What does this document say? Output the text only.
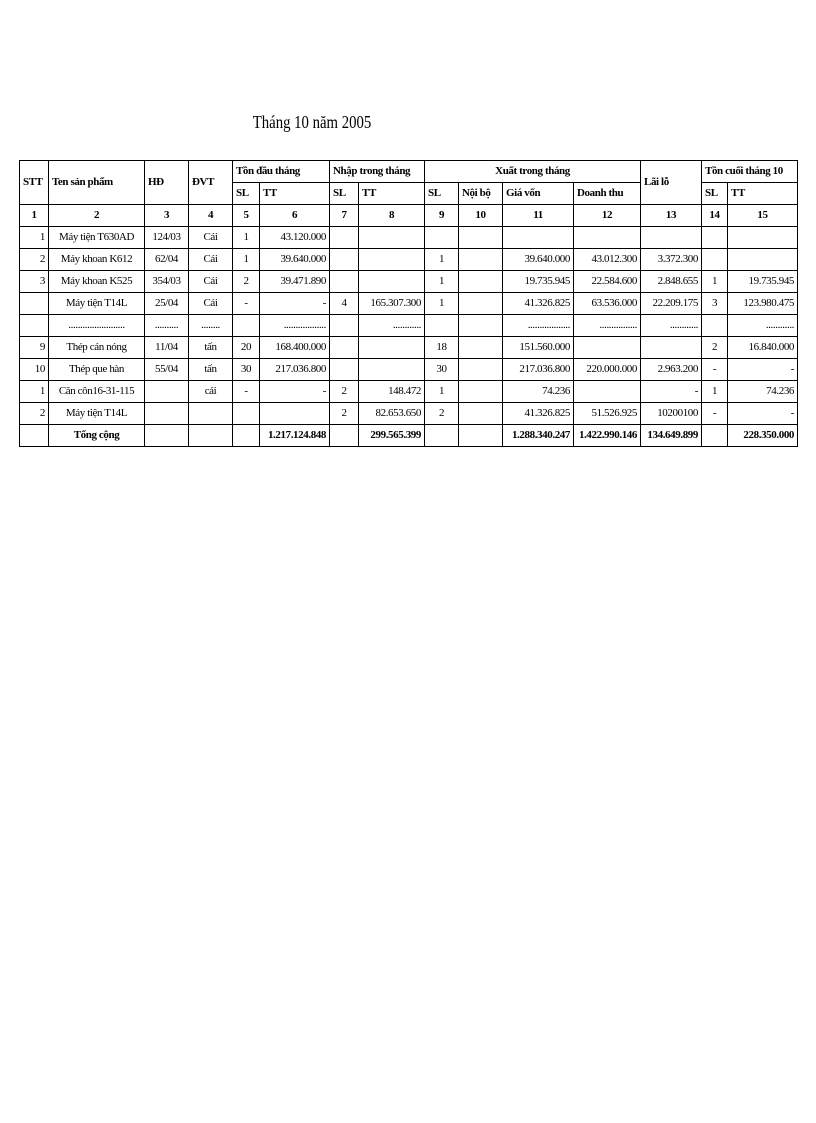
Tháng 10 năm 2005
STT	Ten sản phẩm	HĐ	ĐVT	Tồn đầu tháng		Nhập trong tháng		Xuất trong tháng				Lãi lỗ	Tồn cuối tháng 10	
				SL	TT	SL	TT	SL	Nội bộ	Giá vốn	Doanh thu		SL	TT
1	2	3	4	5	6	7	8	9	10	11	12	13	14	15
1	Máy tiện T630AD	124/03	Cái	1	43.120.000									
2	Máy khoan K612	62/04	Cái	1	39.640.000			1		39.640.000	43.012.300	3.372.300		
3	Máy khoan K525	354/03	Cái	2	39.471.890			1		19.735.945	22.584.600	2.848.655	1	19.735.945
	Máy tiện T14L	25/04	Cái	-	-	4	165.307.300	1		41.326.825	63.536.000	22.209.175	3	123.980.475
	........................	..........	........		..................		............			..................	................	............		............
9	Thép cán nóng	11/04	tấn	20	168.400.000			18		151.560.000			2	16.840.000
10	Thép que hàn	55/04	tấn	30	217.036.800			30		217.036.800	220.000.000	2.963.200	-	-
1	Căn côn16-31-115		cái	-	-	2	148.472	1		74.236		-	1	74.236
2	Máy tiện T14L					2	82.653.650	2		41.326.825	51.526.925	10200100	-	-
	Tổng cộng				1.217.124.848		299.565.399			1.288.340.247	1.422.990.146	134.649.899		228.350.000
